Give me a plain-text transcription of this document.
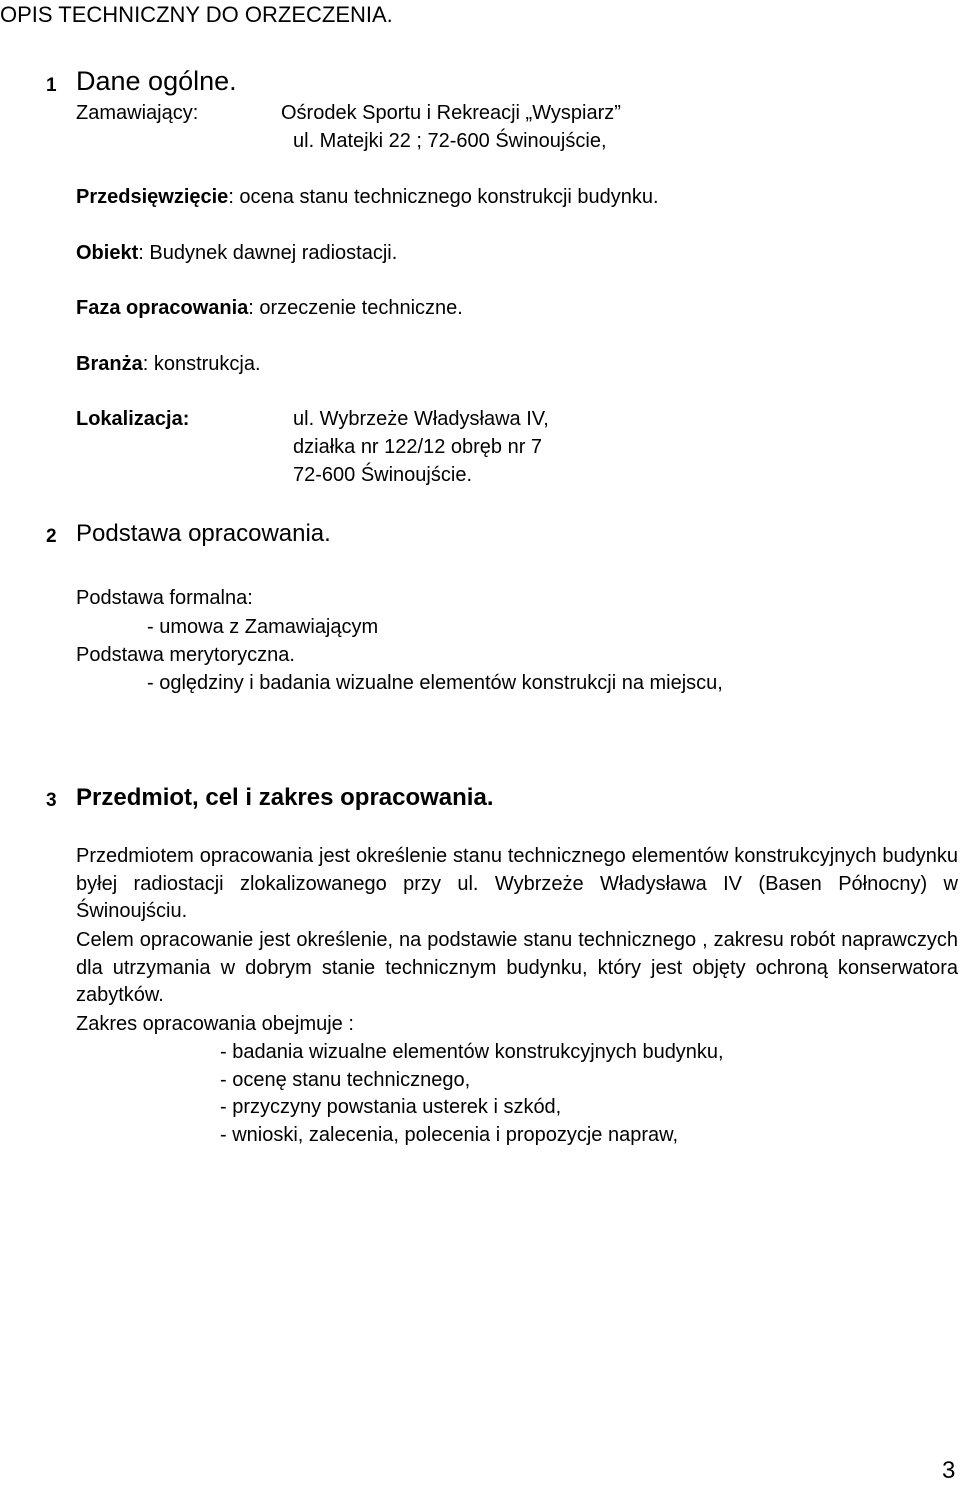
OPIS TECHNICZNY DO ORZECZENIA.
1 Dane ogólne.
Zamawiający:	Ośrodek Sportu i Rekreacji „Wyspiarz”
ul. Matejki 22 ; 72-600 Świnoujście,
Przedsięwzięcie: ocena stanu technicznego konstrukcji budynku.
Obiekt: Budynek dawnej radiostacji.
Faza opracowania: orzeczenie techniczne.
Branża: konstrukcja.
Lokalizacja:	ul. Wybrzeże Władysława IV,
działka nr 122/12 obręb nr 7
72-600 Świnoujście.
2 Podstawa opracowania.
Podstawa formalna:
- umowa z Zamawiającym
Podstawa merytoryczna.
- oględziny i badania wizualne elementów konstrukcji na miejscu,
3 Przedmiot, cel i zakres opracowania.

Przedmiotem opracowania jest określenie stanu technicznego elementów konstrukcyjnych budynku byłej radiostacji zlokalizowanego przy ul. Wybrzeże Władysława IV (Basen Północny) w Świnoujściu.

Celem opracowanie jest określenie, na podstawie stanu technicznego , zakresu robót naprawczych dla utrzymania w dobrym stanie technicznym budynku, który jest objęty ochroną konserwatora zabytków.

Zakres opracowania obejmuje :
- badania wizualne elementów konstrukcyjnych budynku,
- ocenę stanu technicznego,
- przyczyny powstania usterek i szkód,
- wnioski, zalecenia, polecenia i propozycje napraw,
3
